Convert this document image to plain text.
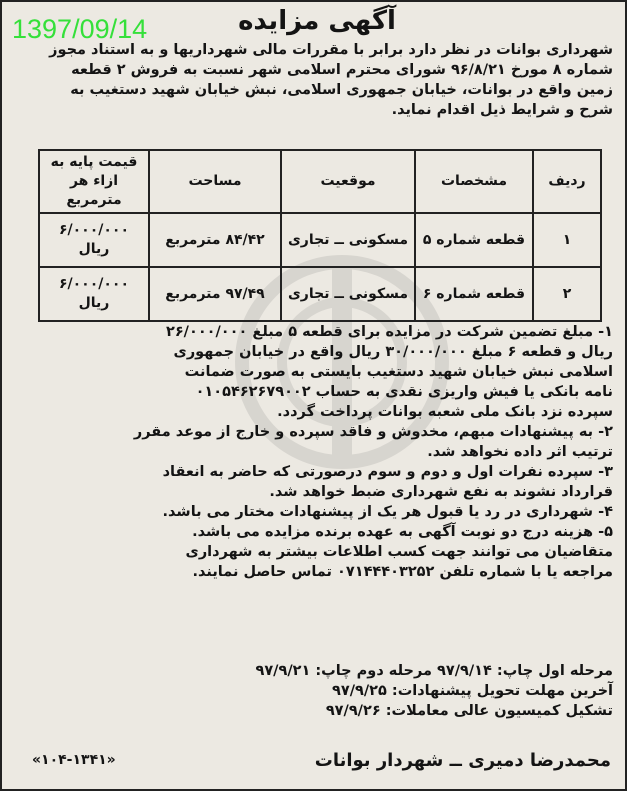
1397/09/14	آگهی مزایده
شهرداری بوانات در نظر دارد برابر با مقررات مالی شهرداریها و به استناد مجوز
شماره ۸ مورخ ۹۶/۸/۲۱ شورای محترم اسلامی شهر نسبت به فروش ۲ قطعه
زمین واقع در بوانات، خیابان جمهوری اسلامی، نبش خیابان شهید دستغیب به
شرح و شرایط ذیل اقدام نماید.
ردیف	مشخصات	موقعیت	مساحت	قیمت پایه به ازاء هر مترمربع
۱	قطعه شماره ۵	مسکونی ــ تجاری	۸۴/۴۲ مترمربع	۶/۰۰۰/۰۰۰ ریال
۲	قطعه شماره ۶	مسکونی ــ تجاری	۹۷/۴۹ مترمربع	۶/۰۰۰/۰۰۰ ریال
۱- مبلغ تضمین شرکت در مزایده برای قطعه ۵ مبلغ ۲۶/۰۰۰/۰۰۰
ریال و قطعه ۶ مبلغ ۳۰/۰۰۰/۰۰۰ ریال واقع در خیابان جمهوری
اسلامی نبش خیابان شهید دستغیب بایستی به صورت ضمانت
نامه بانکی یا فیش واریزی نقدی به حساب ۰۱۰۵۴۶۲۶۷۹۰۰۲
سپرده نزد بانک ملی شعبه بوانات پرداخت گردد.
۲- به پیشنهادات مبهم، مخدوش و فاقد سپرده و خارج از موعد مقرر
ترتیب اثر داده نخواهد شد.
۳- سپرده نفرات اول و دوم و سوم درصورتی که حاضر به انعقاد
قرارداد نشوند به نفع شهرداری ضبط خواهد شد.
۴- شهرداری در رد یا قبول هر یک از پیشنهادات مختار می باشد.
۵- هزینه درج دو نوبت آگهی به عهده برنده مزایده می باشد.
متقاضیان می توانند جهت کسب اطلاعات بیشتر به شهرداری
مراجعه یا با شماره تلفن ۰۷۱۴۴۴۰۳۲۵۲ تماس حاصل نمایند.
مرحله اول چاپ: ۹۷/۹/۱۴ مرحله دوم چاپ: ۹۷/۹/۲۱
آخرین مهلت تحویل پیشنهادات: ۹۷/۹/۲۵
تشکیل کمیسیون عالی معاملات: ۹۷/۹/۲۶
محمدرضا دمیری ــ شهردار بوانات
«۱۰۴-۱۳۴۱»
